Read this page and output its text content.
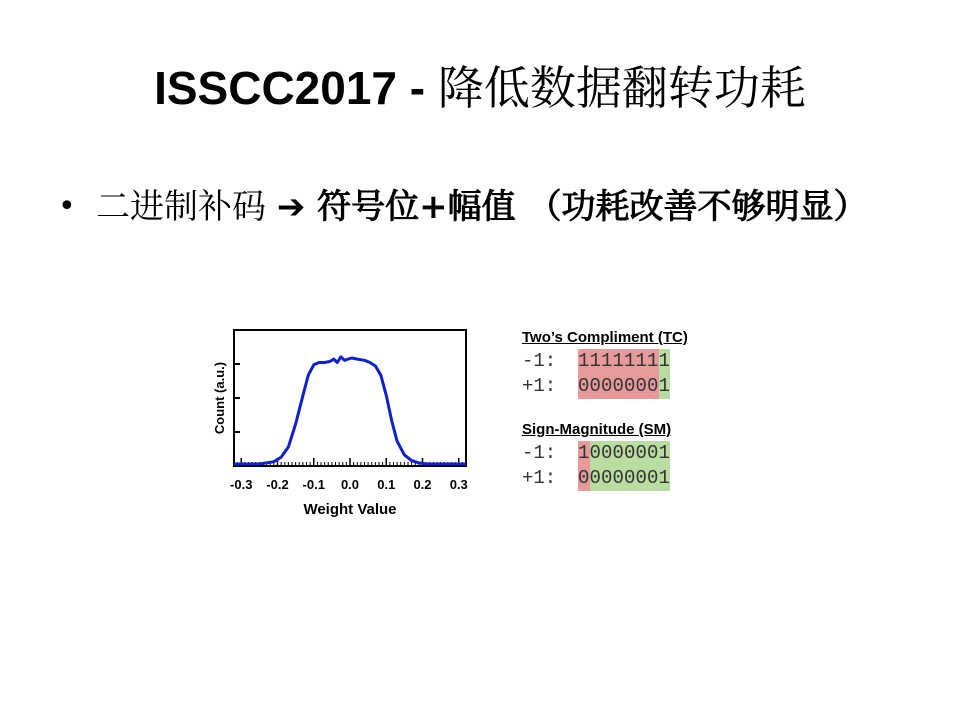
ISSCC2017 - 降低数据翻转功耗
• 二进制补码 ➔ 符号位+幅值 （功耗改善不够明显）
-0.3 -0.2 -0.1 0.0 0.1 0.2 0.3
Weight Value
Count (a.u.)
Two’s Compliment (TC)
-1: 11111111
+1: 00000001
Sign-Magnitude (SM)
-1: 10000001
+1: 00000001
